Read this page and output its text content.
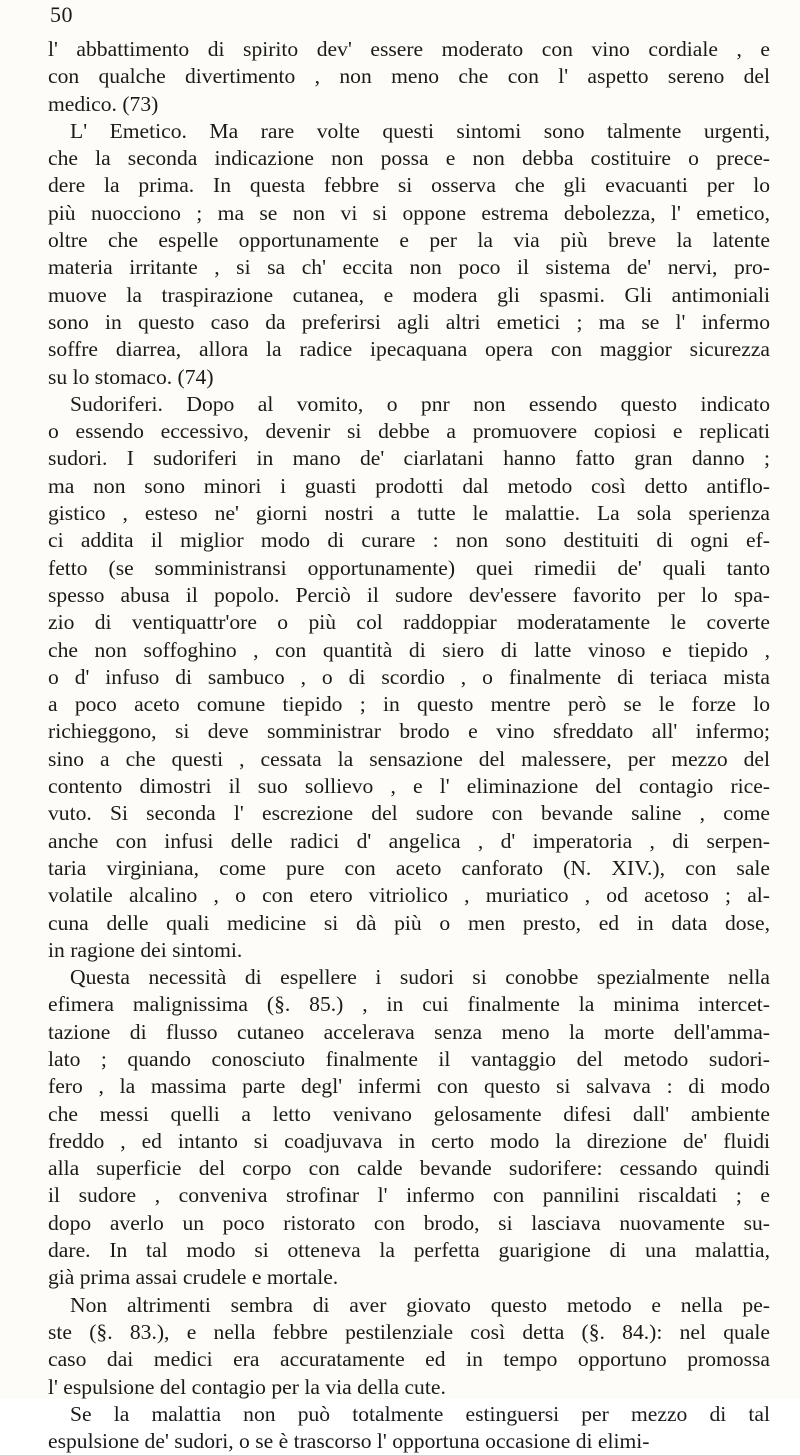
50
l' abbattimento di spirito dev' essere moderato con vino cordiale , e
con qualche divertimento , non meno che con l' aspetto sereno del
medico. (73)
L' Emetico. Ma rare volte questi sintomi sono talmente urgenti,
che la seconda indicazione non possa e non debba costituire o prece-
dere la prima. In questa febbre si osserva che gli evacuanti per lo
più nuocciono ; ma se non vi si oppone estrema debolezza, l' emetico,
oltre che espelle opportunamente e per la via più breve la latente
materia irritante , si sa ch' eccita non poco il sistema de' nervi, pro-
muove la traspirazione cutanea, e modera gli spasmi. Gli antimoniali
sono in questo caso da preferirsi agli altri emetici ; ma se l' infermo
soffre diarrea, allora la radice ipecaquana opera con maggior sicurezza
su lo stomaco. (74)
Sudoriferi. Dopo al vomito, o pnr non essendo questo indicato
o essendo eccessivo, devenir si debbe a promuovere copiosi e replicati
sudori. I sudoriferi in mano de' ciarlatani hanno fatto gran danno ;
ma non sono minori i guasti prodotti dal metodo così detto antiflo-
gistico , esteso ne' giorni nostri a tutte le malattie. La sola sperienza
ci addita il miglior modo di curare : non sono destituiti di ogni ef-
fetto (se somministransi opportunamente) quei rimedii de' quali tanto
spesso abusa il popolo. Perciò il sudore dev'essere favorito per lo spa-
zio di ventiquattr'ore o più col raddoppiar moderatamente le coverte
che non soffoghino , con quantità di siero di latte vinoso e tiepido ,
o d' infuso di sambuco , o di scordio , o finalmente di teriaca mista
a poco aceto comune tiepido ; in questo mentre però se le forze lo
richieggono, si deve somministrar brodo e vino sfreddato all' infermo;
sino a che questi , cessata la sensazione del malessere, per mezzo del
contento dimostri il suo sollievo , e l' eliminazione del contagio rice-
vuto. Si seconda l' escrezione del sudore con bevande saline , come
anche con infusi delle radici d' angelica , d' imperatoria , di serpen-
taria virginiana, come pure con aceto canforato (N. XIV.), con sale
volatile alcalino , o con etero vitriolico , muriatico , od acetoso ; al-
cuna delle quali medicine si dà più o men presto, ed in data dose,
in ragione dei sintomi.
Questa necessità di espellere i sudori si conobbe spezialmente nella
efimera malignissima (§. 85.) , in cui finalmente la minima intercet-
tazione di flusso cutaneo accelerava senza meno la morte dell'amma-
lato ; quando conosciuto finalmente il vantaggio del metodo sudori-
fero , la massima parte degl' infermi con questo si salvava : di modo
che messi quelli a letto venivano gelosamente difesi dall' ambiente
freddo , ed intanto si coadjuvava in certo modo la direzione de' fluidi
alla superficie del corpo con calde bevande sudorifere: cessando quindi
il sudore , conveniva strofinar l' infermo con pannilini riscaldati ; e
dopo averlo un poco ristorato con brodo, si lasciava nuovamente su-
dare. In tal modo si otteneva la perfetta guarigione di una malattia,
già prima assai crudele e mortale.
Non altrimenti sembra di aver giovato questo metodo e nella pe-
ste (§. 83.), e nella febbre pestilenziale così detta (§. 84.): nel quale
caso dai medici era accuratamente ed in tempo opportuno promossa
l' espulsione del contagio per la via della cute.
Se la malattia non può totalmente estinguersi per mezzo di tal
espulsione de' sudori, o se è trascorso l' opportuna occasione di elimi-
